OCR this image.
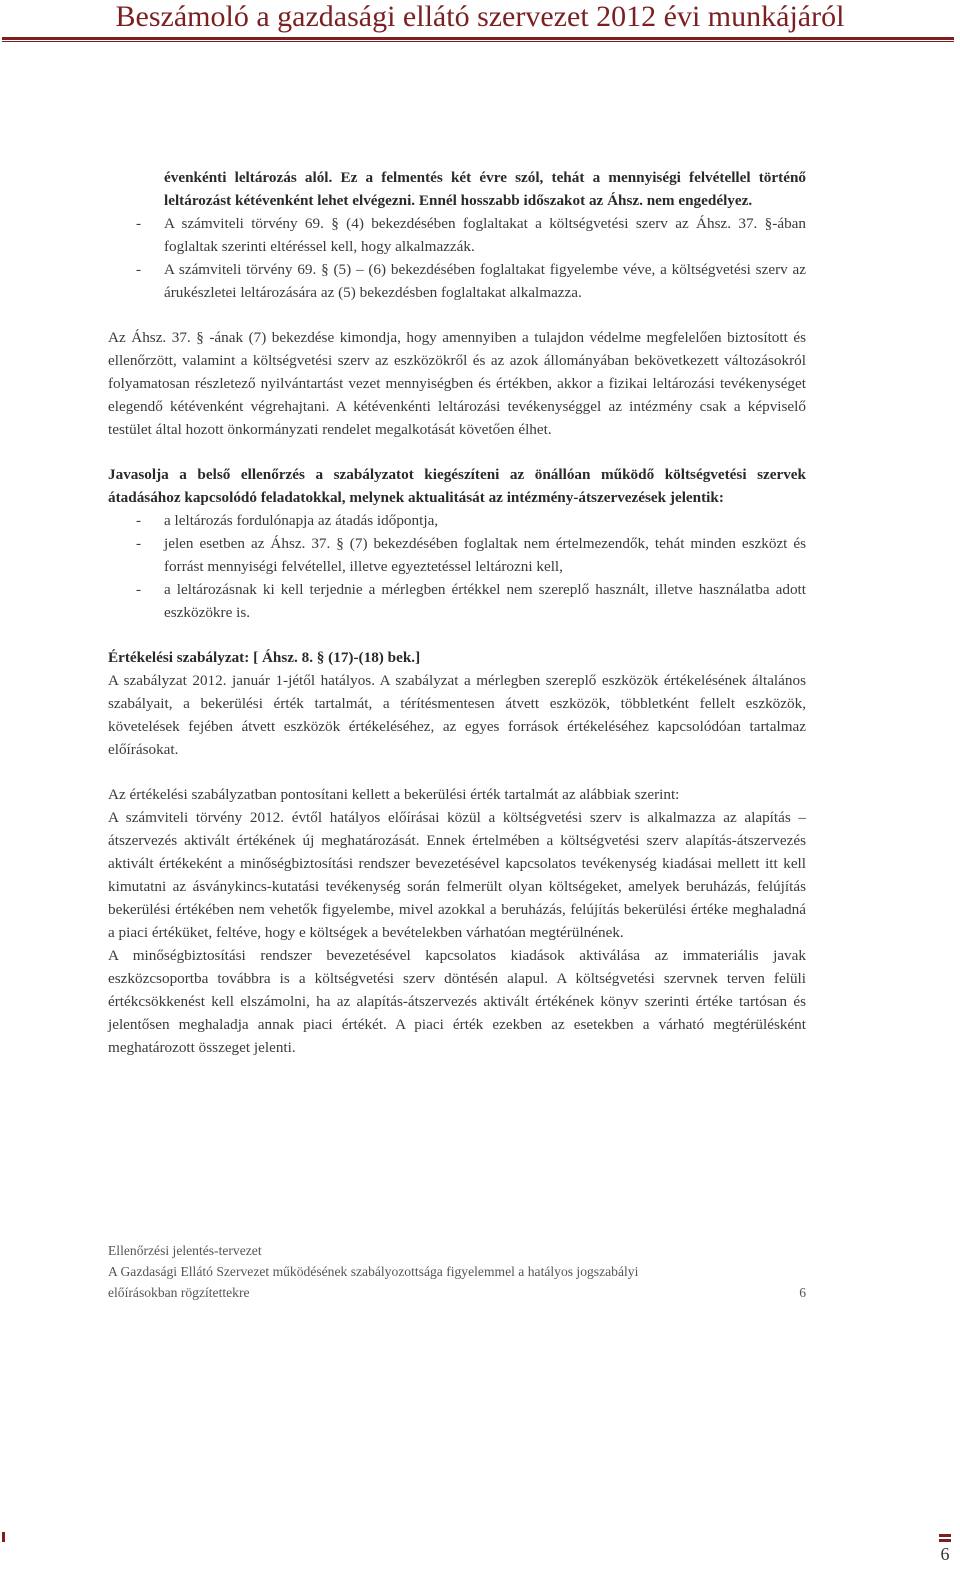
Beszámoló a gazdasági ellátó szervezet 2012 évi munkájáról

évenkénti leltározás alól. Ez a felmentés két évre szól, tehát a mennyiségi felvétellel történő leltározást kétévenként lehet elvégezni. Ennél hosszabb időszakot az Áhsz. nem engedélyez.

- A számviteli törvény 69. § (4) bekezdésében foglaltakat a költségvetési szerv az Áhsz. 37. §-ában foglaltak szerinti eltéréssel kell, hogy alkalmazzák.
- A számviteli törvény 69. § (5) – (6) bekezdésében foglaltakat figyelembe véve, a költségvetési szerv az árukészletei leltározására az (5) bekezdésben foglaltakat alkalmazza.

Az Áhsz. 37. § -ának (7) bekezdése kimondja, hogy amennyiben a tulajdon védelme megfelelően biztosított és ellenőrzött, valamint a költségvetési szerv az eszközökről és az azok állományában bekövetkezett változásokról folyamatosan részletező nyilvántartást vezet mennyiségben és értékben, akkor a fizikai leltározási tevékenységet elegendő kétévenként végrehajtani. A kétévenkénti leltározási tevékenységgel az intézmény csak a képviselő testület által hozott önkormányzati rendelet megalkotását követően élhet.

Javasolja a belső ellenőrzés a szabályzatot kiegészíteni az önállóan működő költségvetési szervek átadásához kapcsolódó feladatokkal, melynek aktualitását az intézmény-átszervezések jelentik:

- a leltározás fordulónapja az átadás időpontja,
- jelen esetben az Áhsz. 37. § (7) bekezdésében foglaltak nem értelmezendők, tehát minden eszközt és forrást mennyiségi felvétellel, illetve egyeztetéssel leltározni kell,
- a leltározásnak ki kell terjednie a mérlegben értékkel nem szereplő használt, illetve használatba adott eszközökre is.

Értékelési szabályzat: [ Áhsz. 8. § (17)-(18) bek.]

A szabályzat 2012. január 1-jétől hatályos. A szabályzat a mérlegben szereplő eszközök értékelésének általános szabályait, a bekerülési érték tartalmát, a térítésmentesen átvett eszközök, többletként fellelt eszközök, követelések fejében átvett eszközök értékeléséhez, az egyes források értékeléséhez kapcsolódóan tartalmaz előírásokat.

Az értékelési szabályzatban pontosítani kellett a bekerülési érték tartalmát az alábbiak szerint:

A számviteli törvény 2012. évtől hatályos előírásai közül a költségvetési szerv is alkalmazza az alapítás – átszervezés aktivált értékének új meghatározását. Ennek értelmében a költségvetési szerv alapítás-átszervezés aktivált értékeként a minőségbiztosítási rendszer bevezetésével kapcsolatos tevékenység kiadásai mellett itt kell kimutatni az ásványkincs-kutatási tevékenység során felmerült olyan költségeket, amelyek beruházás, felújítás bekerülési értékében nem vehetők figyelembe, mivel azokkal a beruházás, felújítás bekerülési értéke meghaladná a piaci értéküket, feltéve, hogy e költségek a bevételekben várhatóan megtérülnének.

A minőségbiztosítási rendszer bevezetésével kapcsolatos kiadások aktiválása az immateriális javak eszközcsoportba továbbra is a költségvetési szerv döntésén alapul. A költségvetési szervnek terven felüli értékcsökkenést kell elszámolni, ha az alapítás-átszervezés aktivált értékének könyv szerinti értéke tartósan és jelentősen meghaladja annak piaci értékét. A piaci érték ezekben az esetekben a várható megtérülésként meghatározott összeget jelenti.

Ellenőrzési jelentés-tervezet
A Gazdasági Ellátó Szervezet működésének szabályozottsága figyelemmel a hatályos jogszabályi
előírásokban rögzítettekre	6
6
